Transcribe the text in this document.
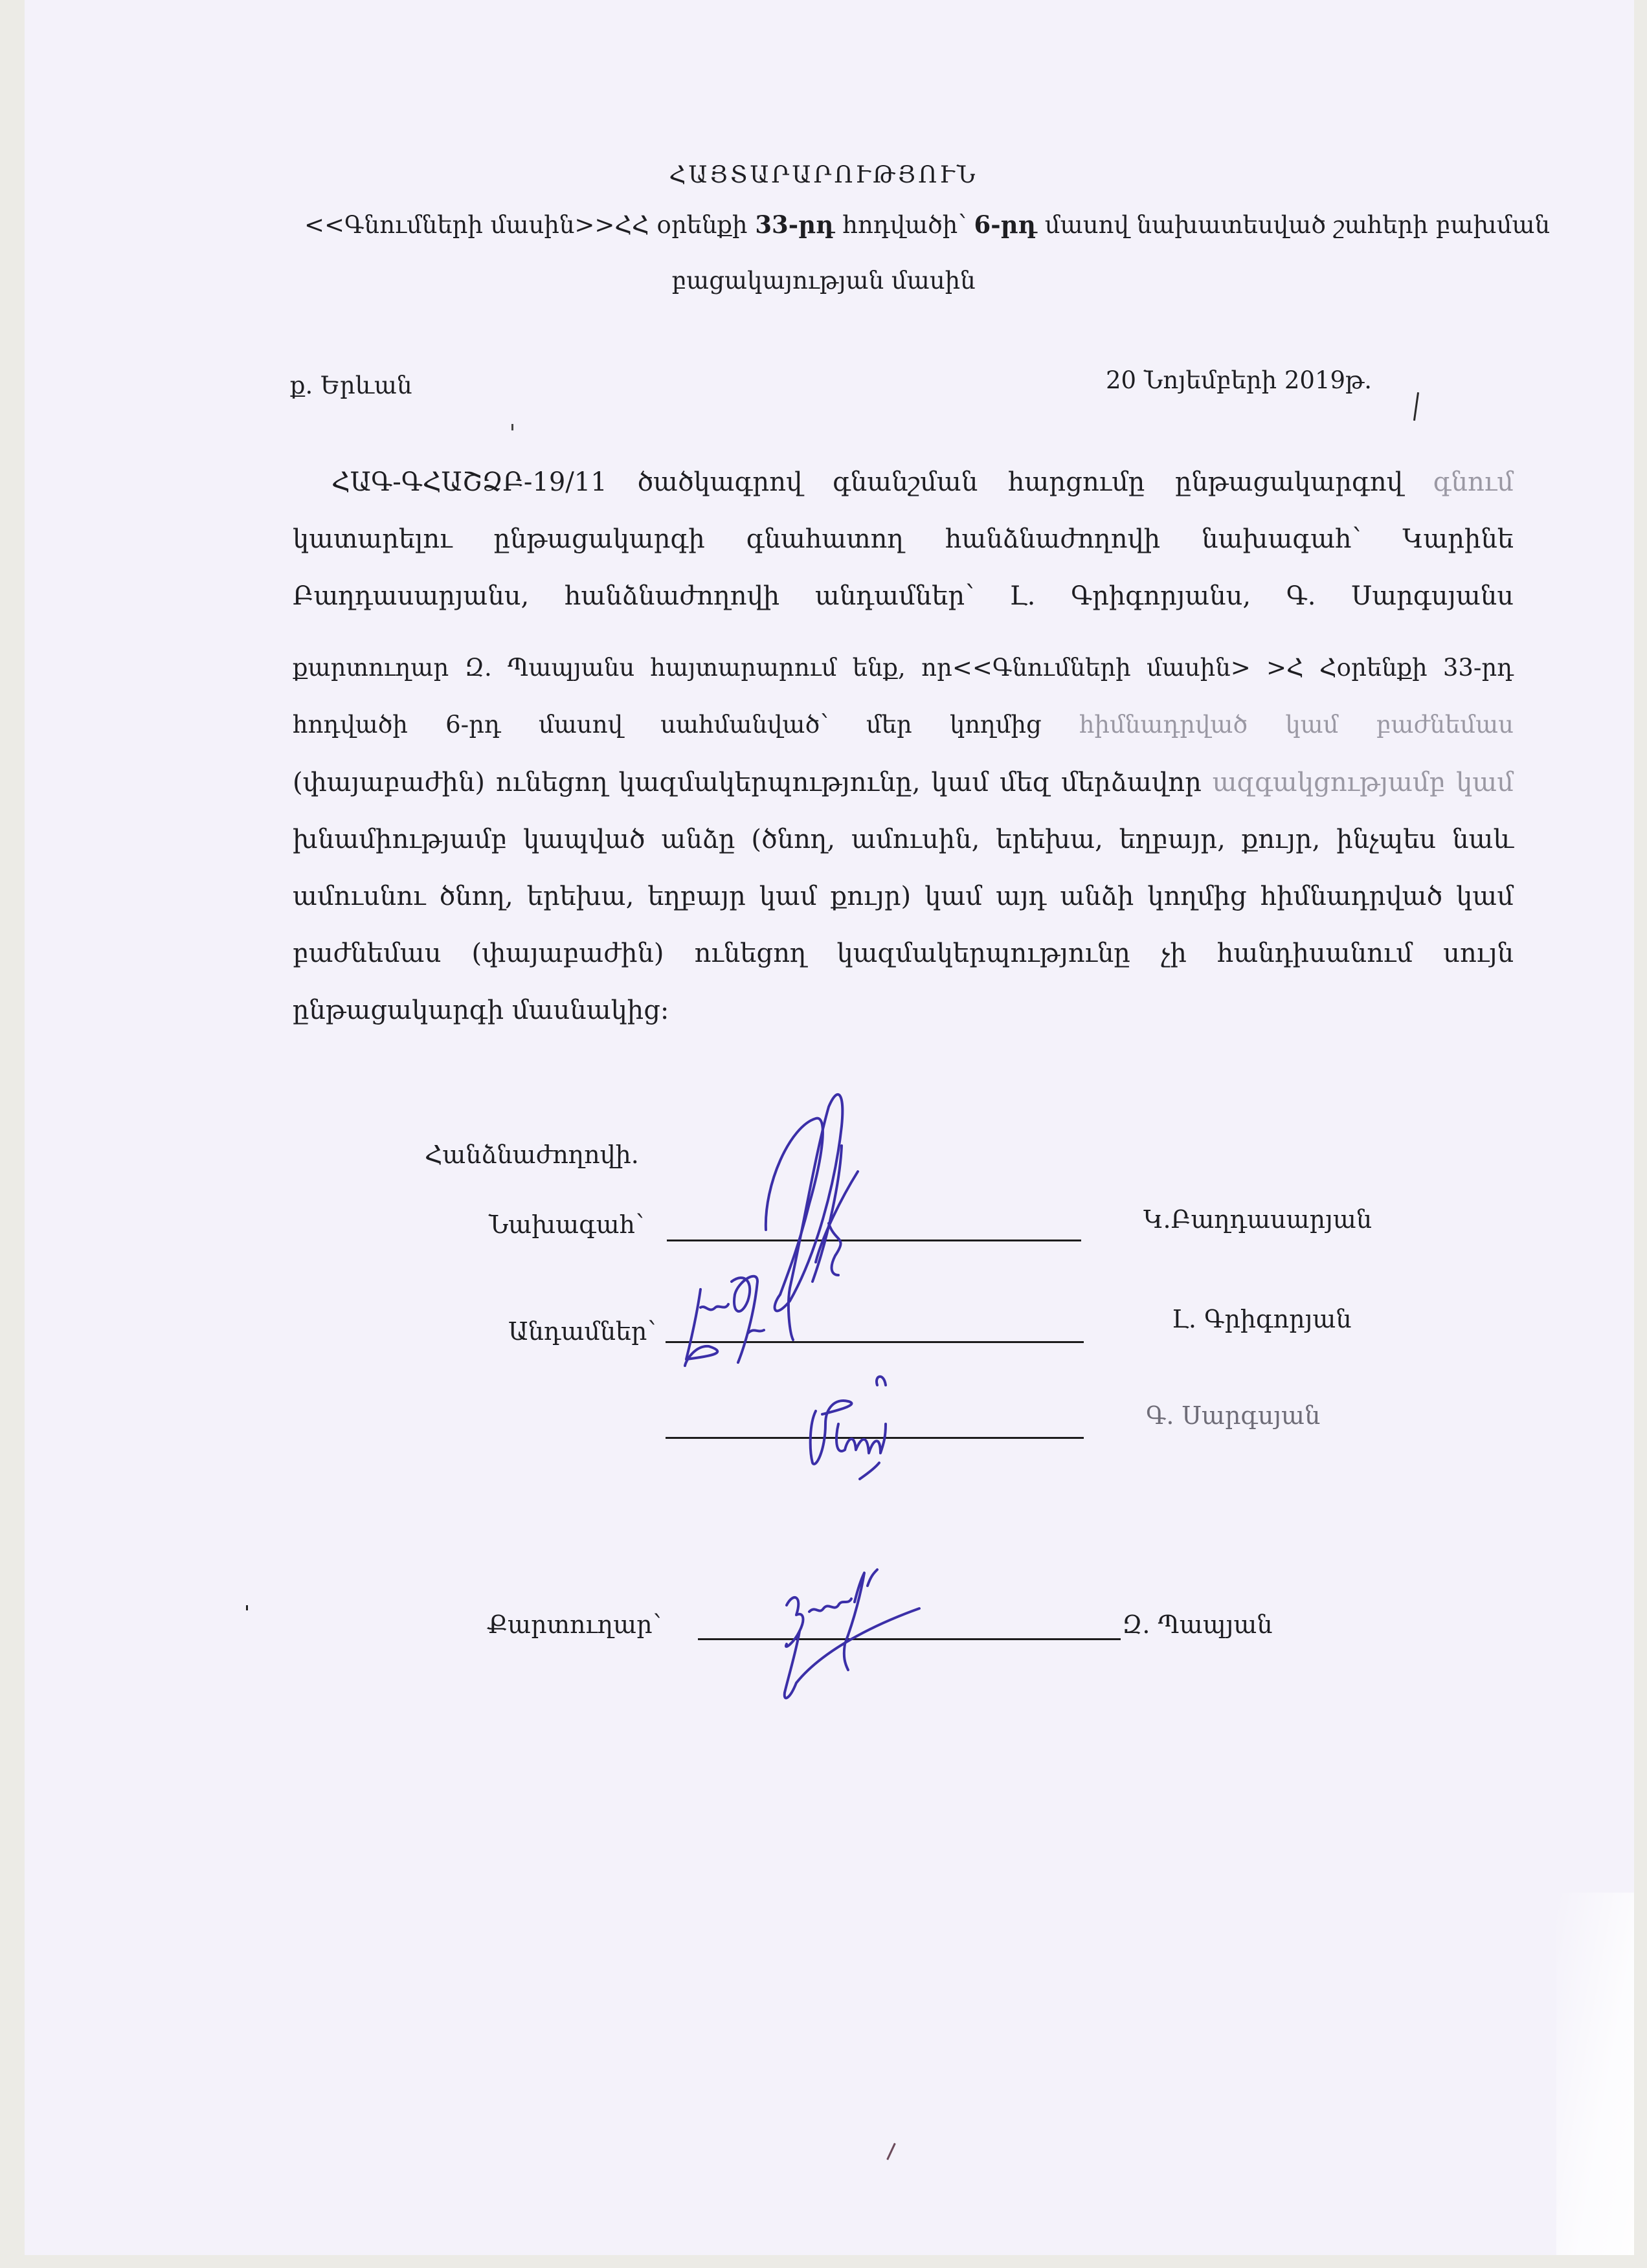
ՀԱՅՏԱՐԱՐՈՒԹՅՈՒՆ
<<Գնումների մասին>>ՀՀ օրենքի 33-րդ հոդվածի՝ 6-րդ մասով նախատեսված շահերի բախման
բացակայության մասին
ք. Երևան	20 Նոյեմբերի 2019թ.
ՀԱԳ-ԳՀԱՇՁԲ-19/11 ծածկագրով գնանշման հարցումը ընթացակարգով գնում
կատարելու ընթացակարգի գնահատող հանձնաժողովի նախագահ՝ Կարինե
Բաղդասարյանս, հանձնաժողովի անդամներ՝ Լ. Գրիգորյանս, Գ. Սարգսյանս
քարտուղար Զ. Պապյանս հայտարարում ենք, որ<<Գնումների մասին> >Հ Հօրենքի 33-րդ
հոդվածի 6-րդ մասով սահմանված՝ մեր կողմից հիմնադրված կամ բաժնեմաս
(փայաբաժին) ունեցող կազմակերպությունը, կամ մեզ մերձավոր ազգակցությամբ կամ
խնամիությամբ կապված անձը (ծնող, ամուսին, երեխա, եղբայր, քույր, ինչպես նաև
ամուսնու ծնող, երեխա, եղբայր կամ քույր) կամ այդ անձի կողմից հիմնադրված կամ
բաժնեմաս (փայաբաժին) ունեցող կազմակերպությունը չի հանդիսանում սույն
ընթացակարգի մասնակից:
Հանձնաժողովի.
Նախագահ՝	Կ.Բաղդասարյան
Անդամներ՝	Լ. Գրիգորյան
Գ. Սարգսյան
Քարտուղար՝	Զ. Պապյան
